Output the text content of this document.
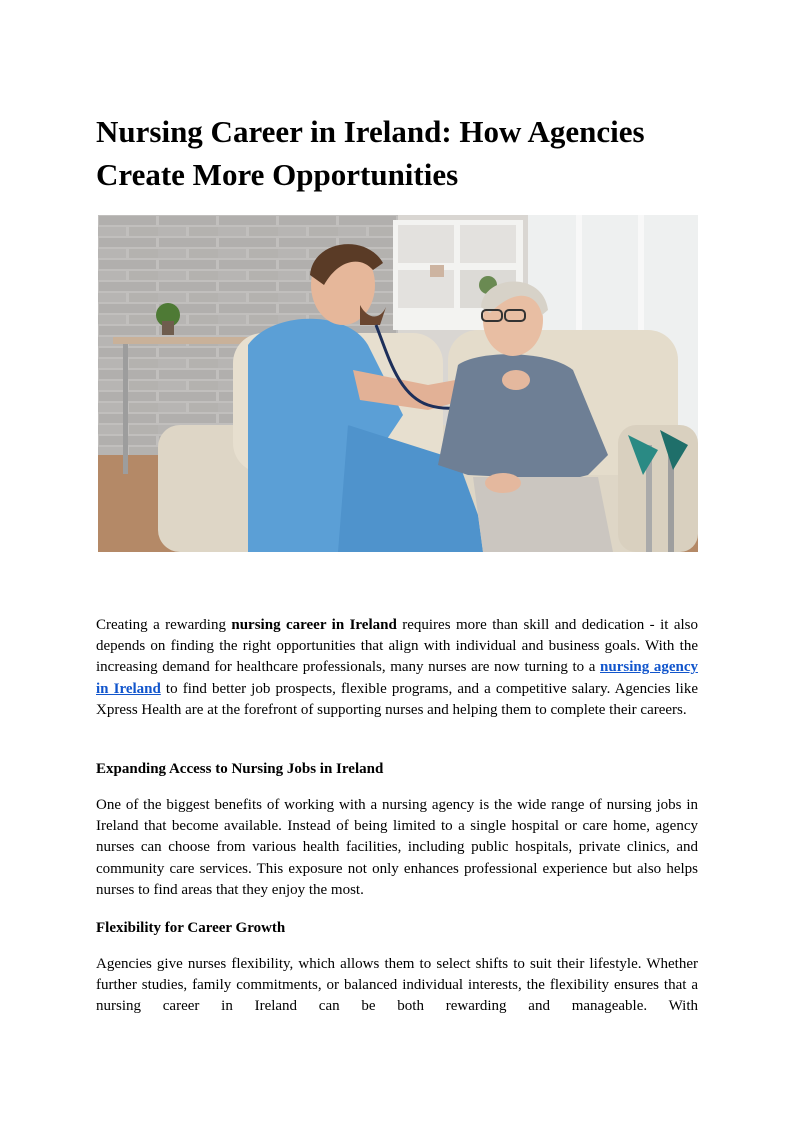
Nursing Career in Ireland: How Agencies Create More Opportunities

Creating a rewarding nursing career in Ireland requires more than skill and dedication - it also depends on finding the right opportunities that align with individual and business goals. With the increasing demand for healthcare professionals, many nurses are now turning to a nursing agency in Ireland to find better job prospects, flexible programs, and a competitive salary. Agencies like Xpress Health are at the forefront of supporting nurses and helping them to complete their careers.

Expanding Access to Nursing Jobs in Ireland

One of the biggest benefits of working with a nursing agency is the wide range of nursing jobs in Ireland that become available. Instead of being limited to a single hospital or care home, agency nurses can choose from various health facilities, including public hospitals, private clinics, and community care services. This exposure not only enhances professional experience but also helps nurses to find areas that they enjoy the most.

Flexibility for Career Growth

Agencies give nurses flexibility, which allows them to select shifts to suit their lifestyle. Whether further studies, family commitments, or balanced individual interests, the flexibility ensures that a nursing career in Ireland can be both rewarding and manageable. With
